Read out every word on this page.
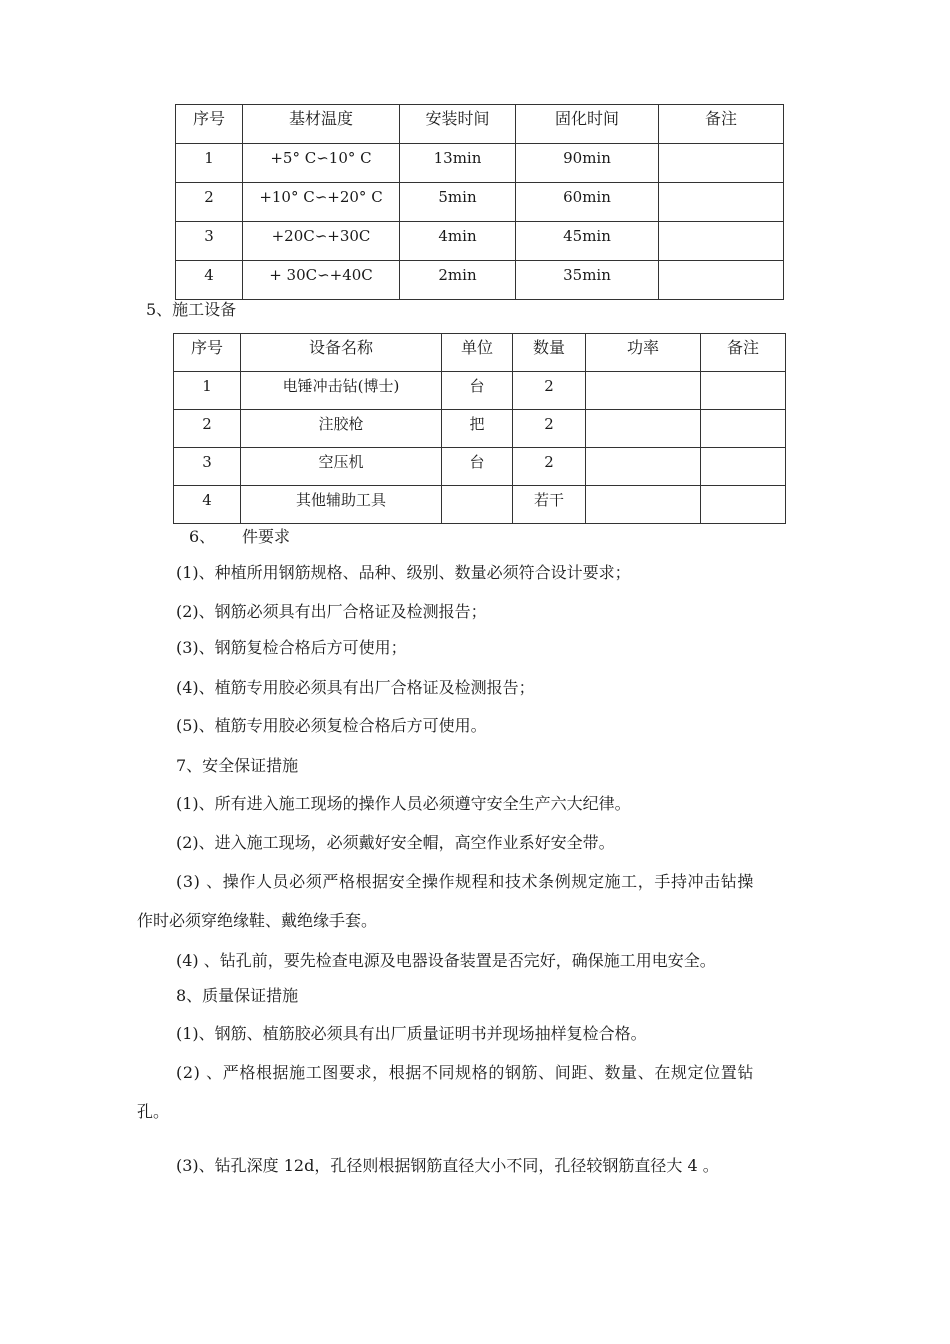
序号	基材温度	安装时间	固化时间	备注
1	+5° C∽10° C	13min	90min	
2	+10° C∽+20° C	5min	60min	
3	+20C∽+30C	4min	45min	
4	+ 30C∽+40C	2min	35min	
5、施工设备
序号	设备名称	单位	数量	功率	备注
1	电锤冲击钻(博士)	台	2		
2	注胶枪	把	2		
3	空压机	台	2		
4	其他辅助工具		若干		
6、 件要求
(1)、种植所用钢筋规格、品种、级别、数量必须符合设计要求；
(2)、钢筋必须具有出厂合格证及检测报告；
(3)、钢筋复检合格后方可使用；
(4)、植筋专用胶必须具有出厂合格证及检测报告；
(5)、植筋专用胶必须复检合格后方可使用。
7、安全保证措施
(1)、所有进入施工现场的操作人员必须遵守安全生产六大纪律。
(2)、进入施工现场，必须戴好安全帽，高空作业系好安全带。
(3) 、操作人员必须严格根据安全操作规程和技术条例规定施工，手持冲击钻操
作时必须穿绝缘鞋、戴绝缘手套。
(4) 、钻孔前，要先检查电源及电器设备装置是否完好，确保施工用电安全。
8、质量保证措施
(1)、钢筋、植筋胶必须具有出厂质量证明书并现场抽样复检合格。
(2) 、严格根据施工图要求，根据不同规格的钢筋、间距、数量、在规定位置钻
孔。
(3)、钻孔深度 12d，孔径则根据钢筋直径大小不同，孔径较钢筋直径大 4 。
